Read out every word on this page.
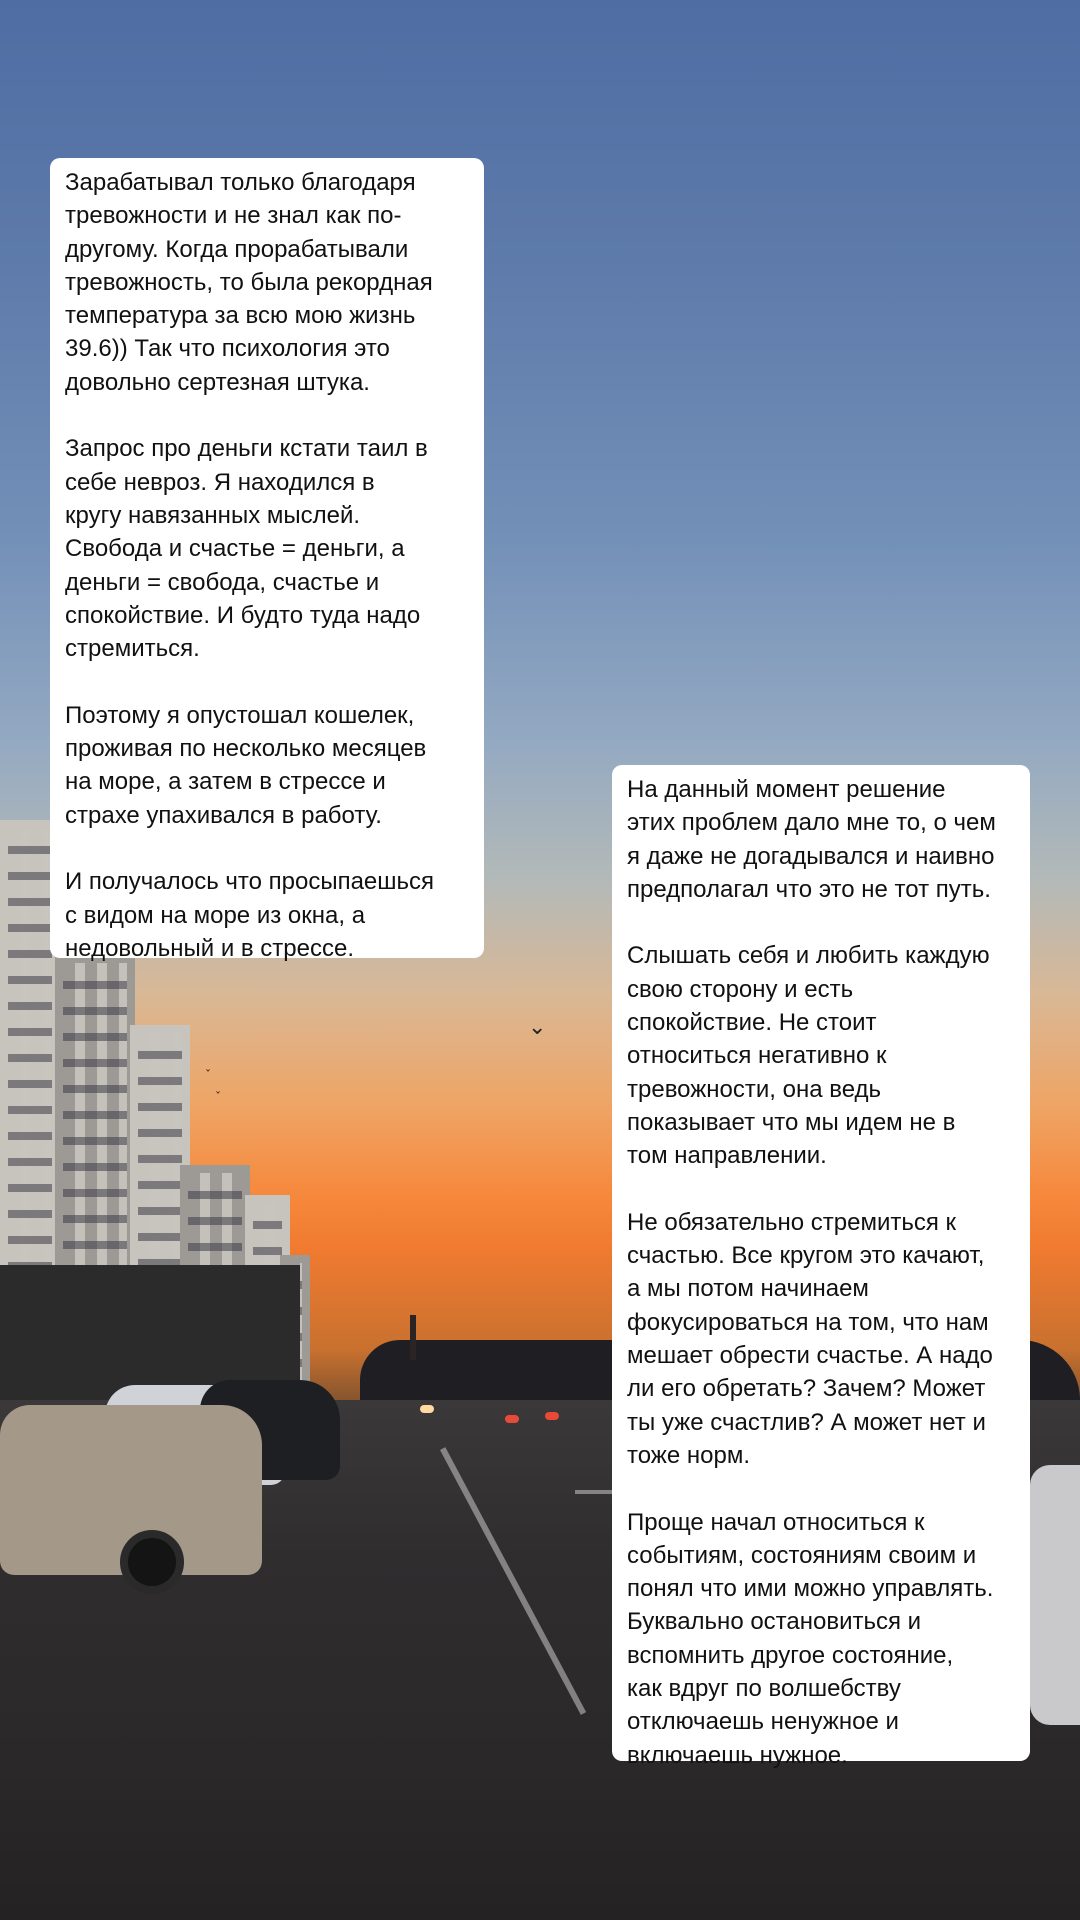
⌄
ˇ
ˇ
Зарабатывал только благодаря
тревожности и не знал как по-
другому. Когда прорабатывали
тревожность, то была рекордная
температура за всю мою жизнь
39.6)) Так что психология это
довольно сертезная штука.

Запрос про деньги кстати таил в
себе невроз. Я находился в
кругу навязанных мыслей.
Свобода и счастье = деньги, а
деньги = свобода, счастье и
спокойствие. И будто туда надо
стремиться.

Поэтому я опустошал кошелек,
проживая по несколько месяцев
на море, а затем в стрессе и
страхе упахивался в работу.

И получалось что просыпаешься
с видом на море из окна, а
недовольный и в стрессе.
На данный момент решение
этих проблем дало мне то, о чем
я даже не догадывался и наивно
предполагал что это не тот путь.

Слышать себя и любить каждую
свою сторону и есть
спокойствие. Не стоит
относиться негативно к
тревожности, она ведь
показывает что мы идем не в
том направлении.

Не обязательно стремиться к
счастью. Все кругом это качают,
а мы потом начинаем
фокусироваться на том, что нам
мешает обрести счастье. А надо
ли его обретать? Зачем? Может
ты уже счастлив? А может нет и
тоже норм.

Проще начал относиться к
событиям, состояниям своим и
понял что ими можно управлять.
Буквально остановиться и
вспомнить другое состояние,
как вдруг по волшебству
отключаешь ненужное и
включаешь нужное.
